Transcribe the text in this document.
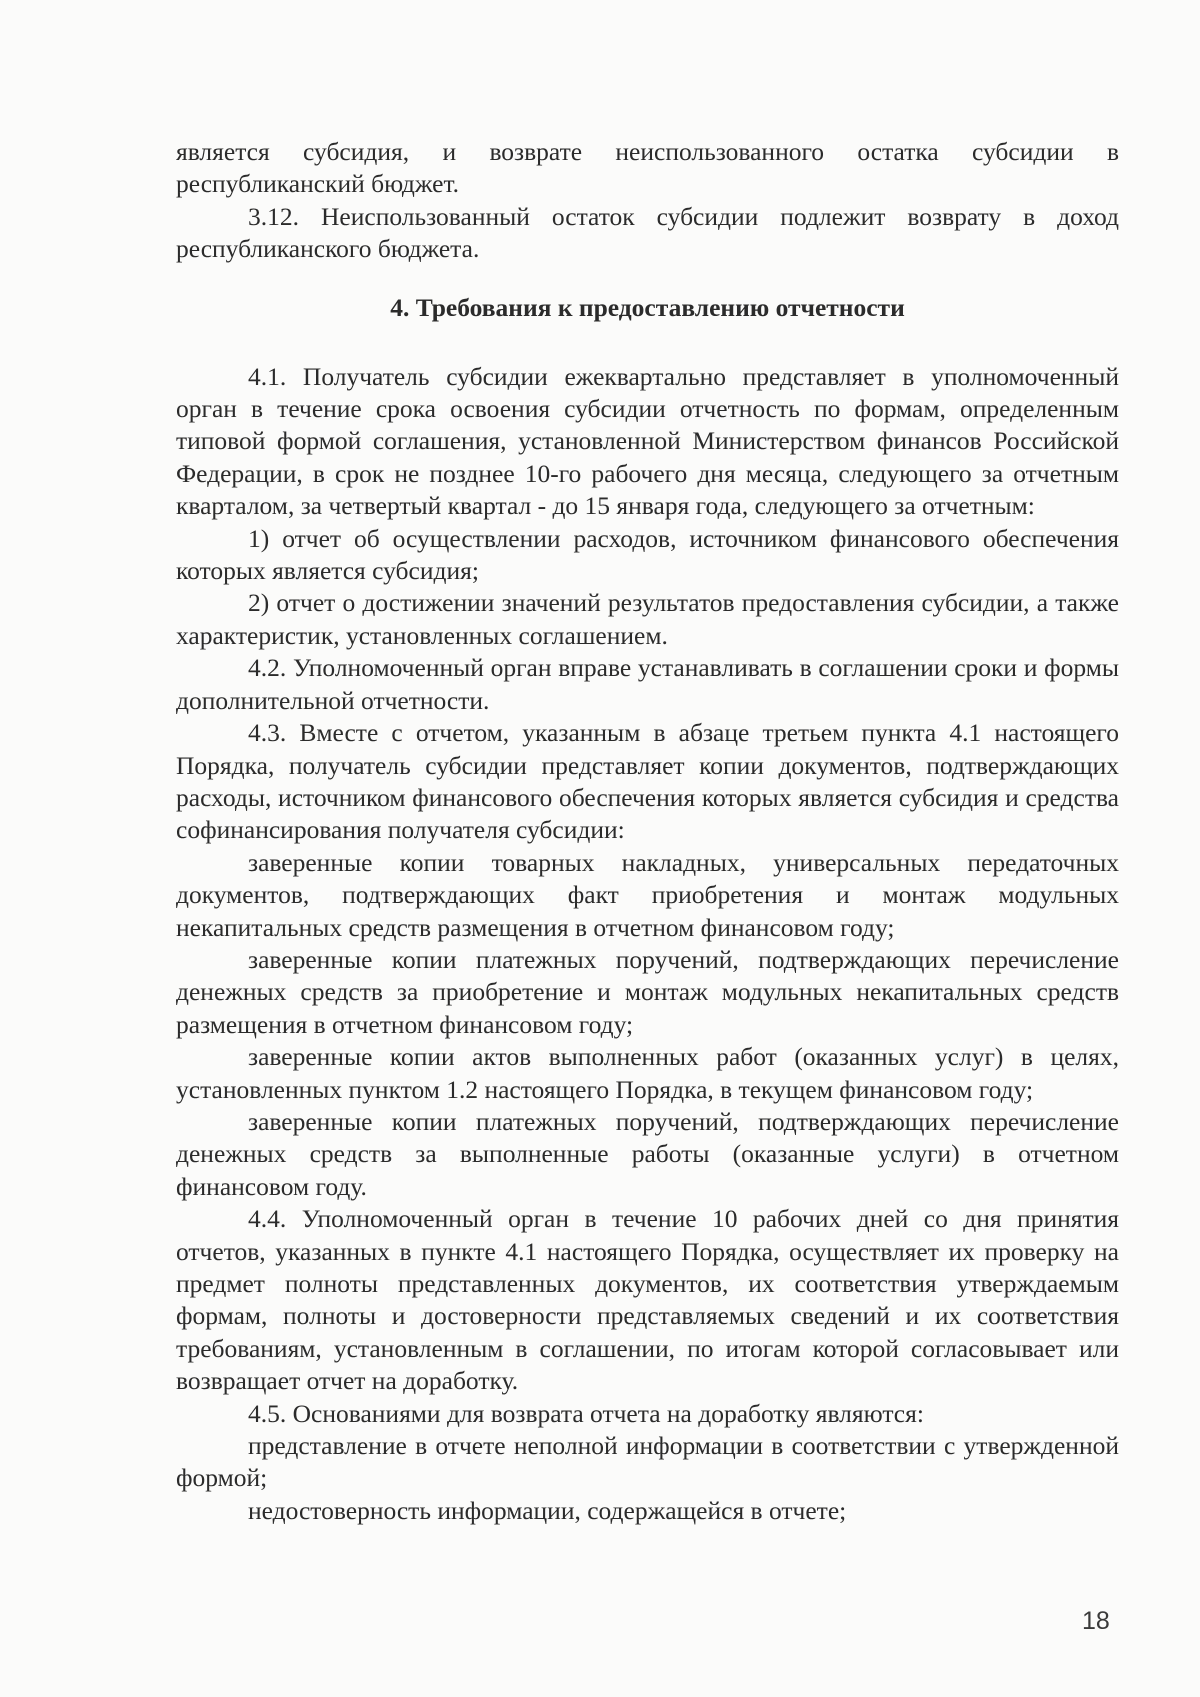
является субсидия, и возврате неиспользованного остатка субсидии в республиканский бюджет.

3.12. Неиспользованный остаток субсидии подлежит возврату в доход республиканского бюджета.

4. Требования к предоставлению отчетности

4.1. Получатель субсидии ежеквартально представляет в уполномоченный орган в течение срока освоения субсидии отчетность по формам, определенным типовой формой соглашения, установленной Министерством финансов Российской Федерации, в срок не позднее 10-го рабочего дня месяца, следующего за отчетным кварталом, за четвертый квартал - до 15 января года, следующего за отчетным:

1) отчет об осуществлении расходов, источником финансового обеспечения которых является субсидия;

2) отчет о достижении значений результатов предоставления субсидии, а также характеристик, установленных соглашением.

4.2. Уполномоченный орган вправе устанавливать в соглашении сроки и формы дополнительной отчетности.

4.3. Вместе с отчетом, указанным в абзаце третьем пункта 4.1 настоящего Порядка, получатель субсидии представляет копии документов, подтверждающих расходы, источником финансового обеспечения которых является субсидия и средства софинансирования получателя субсидии:

заверенные копии товарных накладных, универсальных передаточных документов, подтверждающих факт приобретения и монтаж модульных некапитальных средств размещения в отчетном финансовом году;

заверенные копии платежных поручений, подтверждающих перечисление денежных средств за приобретение и монтаж модульных некапитальных средств размещения в отчетном финансовом году;

заверенные копии актов выполненных работ (оказанных услуг) в целях, установленных пунктом 1.2 настоящего Порядка, в текущем финансовом году;

заверенные копии платежных поручений, подтверждающих перечисление денежных средств за выполненные работы (оказанные услуги) в отчетном финансовом году.

4.4. Уполномоченный орган в течение 10 рабочих дней со дня принятия отчетов, указанных в пункте 4.1 настоящего Порядка, осуществляет их проверку на предмет полноты представленных документов, их соответствия утверждаемым формам, полноты и достоверности представляемых сведений и их соответствия требованиям, установленным в соглашении, по итогам которой согласовывает или возвращает отчет на доработку.

4.5. Основаниями для возврата отчета на доработку являются:

представление в отчете неполной информации в соответствии с утвержденной формой;

недостоверность информации, содержащейся в отчете;

18
